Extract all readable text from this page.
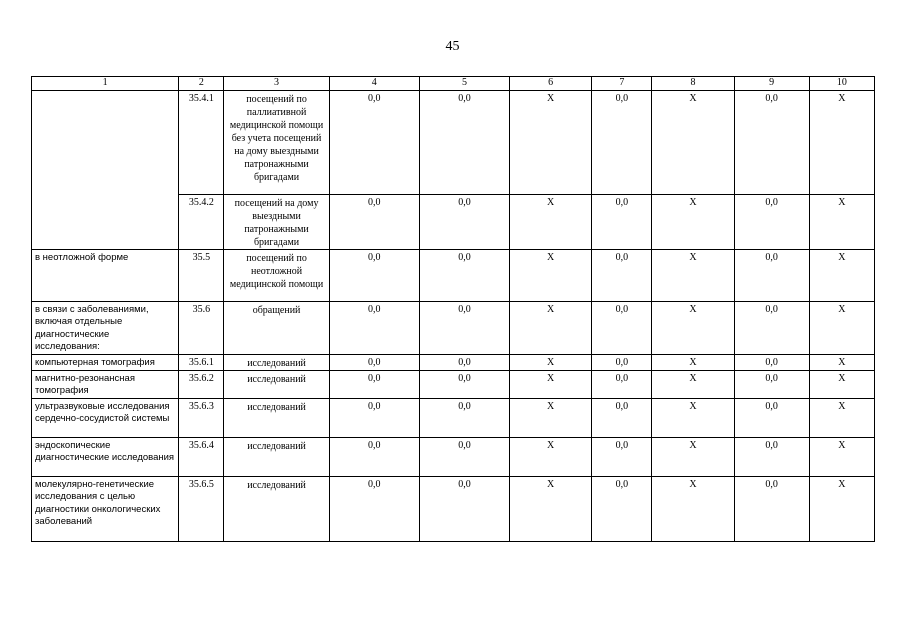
45
1	2	3	4	5	6	7	8	9	10
	35.4.1	посещений по паллиативной медицинской помощи без учета посещений на дому выездными патронажными бригадами	0,0	0,0	Х	0,0	Х	0,0	Х
	35.4.2	посещений на дому выездными патронажными бригадами	0,0	0,0	Х	0,0	Х	0,0	Х
в неотложной форме	35.5	посещений по неотложной медицинской помощи	0,0	0,0	Х	0,0	Х	0,0	Х
в связи с заболеваниями, включая отдельные диагностические исследования:	35.6	обращений	0,0	0,0	Х	0,0	Х	0,0	Х
компьютерная томография	35.6.1	исследований	0,0	0,0	Х	0,0	Х	0,0	Х
магнитно-резонансная томография	35.6.2	исследований	0,0	0,0	Х	0,0	Х	0,0	Х
ультразвуковые исследования сердечно-сосудистой системы	35.6.3	исследований	0,0	0,0	Х	0,0	Х	0,0	Х
эндоскопические диагностические исследования	35.6.4	исследований	0,0	0,0	Х	0,0	Х	0,0	Х
молекулярно-генетические исследования с целью диагностики онкологических заболеваний	35.6.5	исследований	0,0	0,0	Х	0,0	Х	0,0	Х
